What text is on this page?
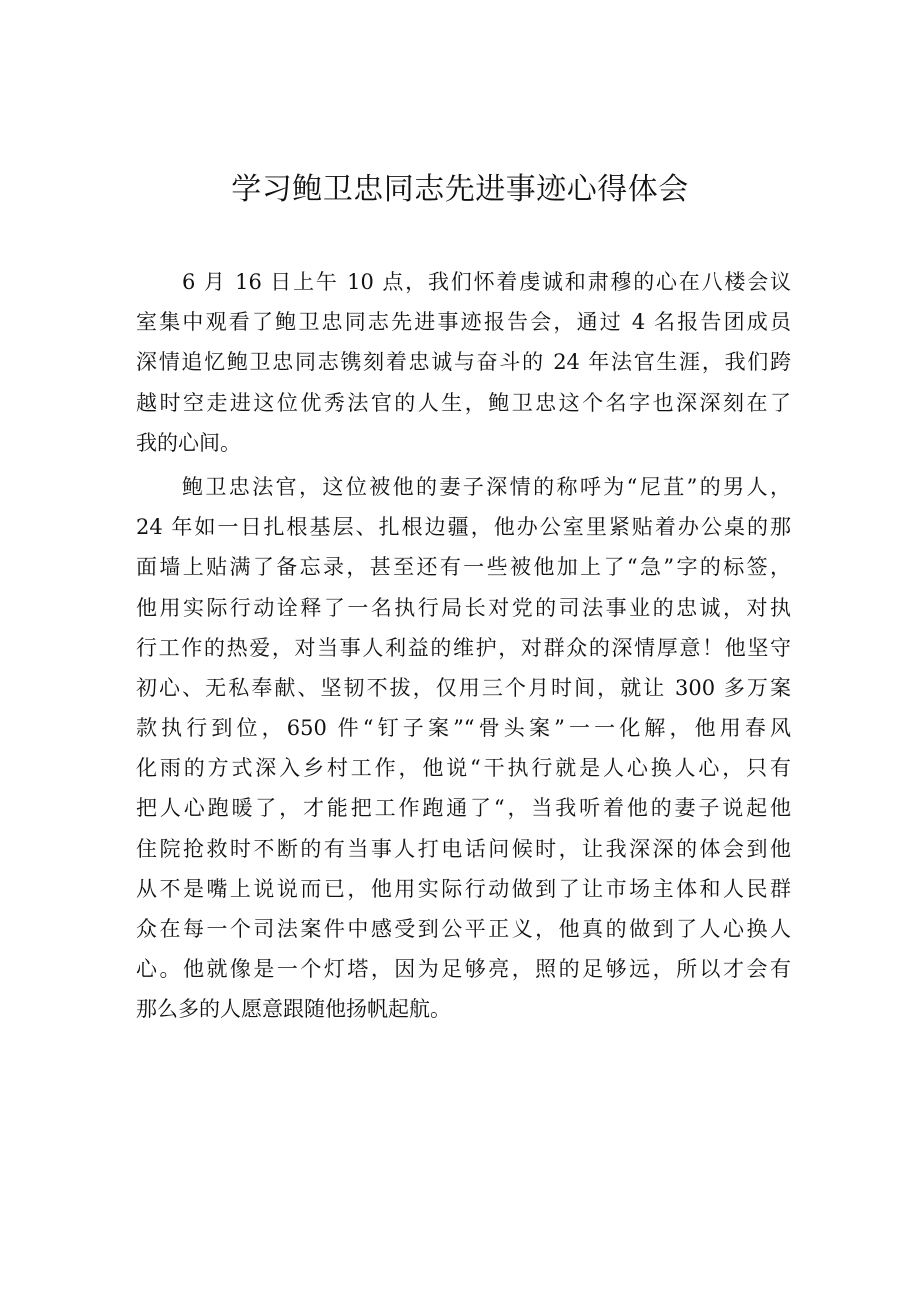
学习鲍卫忠同志先进事迹心得体会
6 月 16 日上午 10 点，我们怀着虔诚和肃穆的心在八楼会议
室集中观看了鲍卫忠同志先进事迹报告会，通过 4 名报告团成员
深情追忆鲍卫忠同志镌刻着忠诚与奋斗的 24 年法官生涯，我们跨
越时空走进这位优秀法官的人生，鲍卫忠这个名字也深深刻在了
我的心间。
鲍卫忠法官，这位被他的妻子深情的称呼为“尼苴”的男人，
24 年如一日扎根基层、扎根边疆，他办公室里紧贴着办公桌的那
面墙上贴满了备忘录，甚至还有一些被他加上了“急”字的标签，
他用实际行动诠释了一名执行局长对党的司法事业的忠诚，对执
行工作的热爱，对当事人利益的维护，对群众的深情厚意！他坚守
初心、无私奉献、坚韧不拔，仅用三个月时间，就让 300 多万案
款执行到位，650 件“钉子案”“骨头案”一一化解，他用春风
化雨的方式深入乡村工作，他说“干执行就是人心换人心，只有
把人心跑暖了，才能把工作跑通了“，当我听着他的妻子说起他
住院抢救时不断的有当事人打电话问候时，让我深深的体会到他
从不是嘴上说说而已，他用实际行动做到了让市场主体和人民群
众在每一个司法案件中感受到公平正义，他真的做到了人心换人
心。他就像是一个灯塔，因为足够亮，照的足够远，所以才会有
那么多的人愿意跟随他扬帆起航。
